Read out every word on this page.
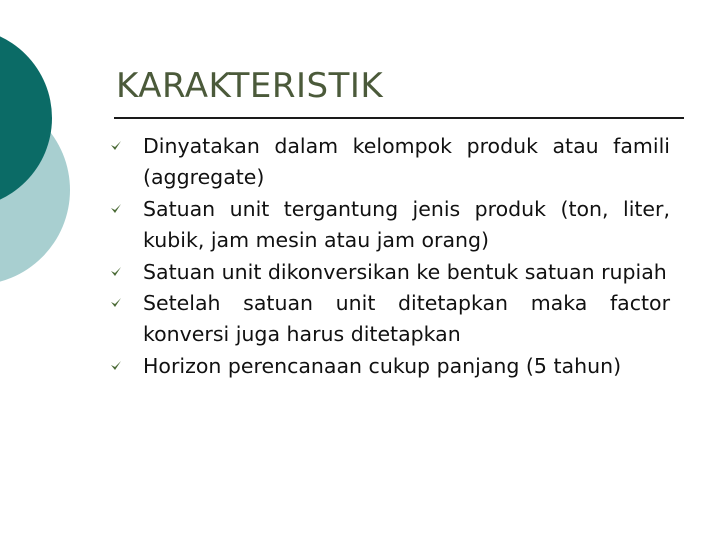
KARAKTERISTIK
Dinyatakan dalam kelompok produk atau famili (aggregate)
Satuan unit tergantung jenis produk (ton, liter, kubik, jam mesin atau jam orang)
Satuan unit dikonversikan ke bentuk satuan rupiah
Setelah satuan unit ditetapkan maka factor konversi juga harus ditetapkan
Horizon perencanaan cukup panjang (5 tahun)
